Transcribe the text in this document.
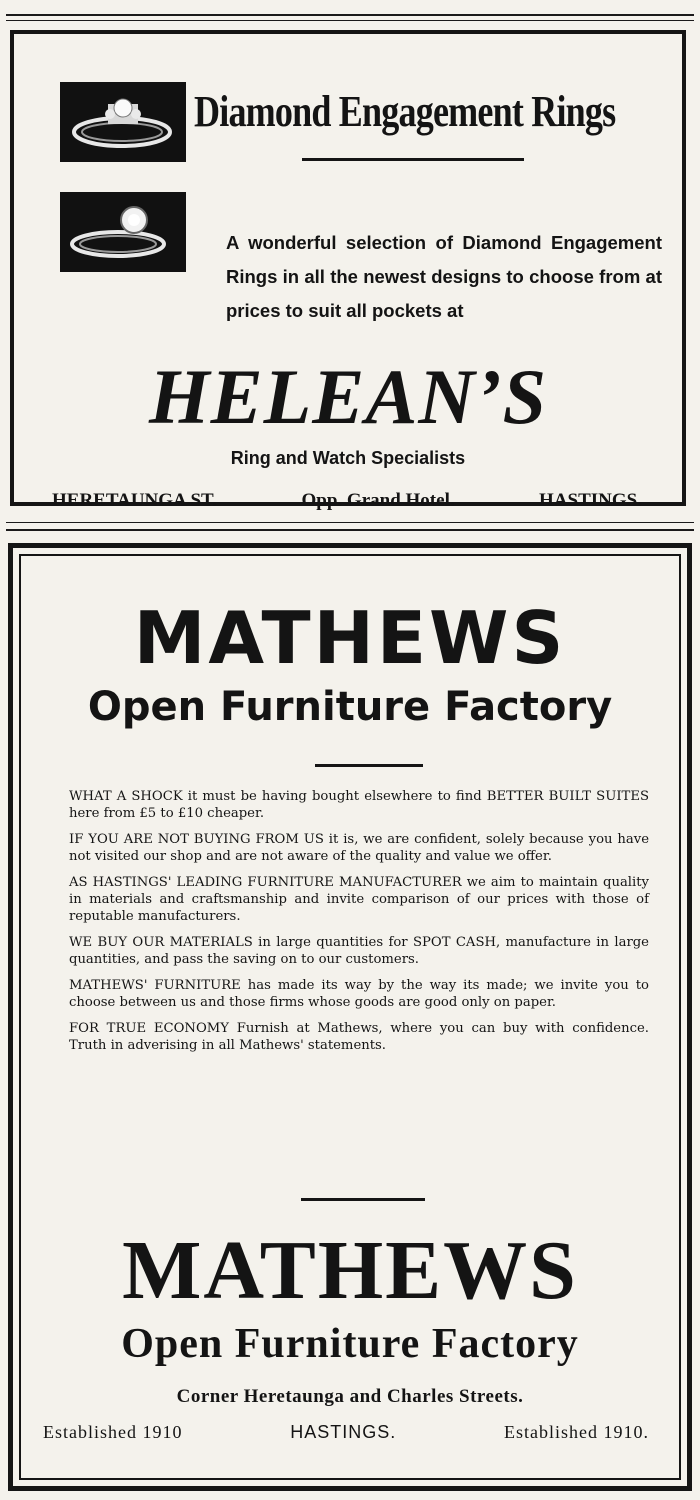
Diamond Engagement Rings
A wonderful selection of Diamond Engagement Rings in all the newest designs to choose from at prices to suit all pockets at
HELEAN’S
Ring and Watch Specialists
HERETAUNGA ST.	Opp. Grand Hotel.	HASTINGS.
MATHEWS
Open Furniture Factory

WHAT A SHOCK it must be having bought elsewhere to find BETTER BUILT SUITES here from £5 to £10 cheaper.

IF YOU ARE NOT BUYING FROM US it is, we are confident, solely because you have not visited our shop and are not aware of the quality and value we offer.

AS HASTINGS' LEADING FURNITURE MANUFACTURER we aim to maintain quality in materials and craftsmanship and invite comparison of our prices with those of reputable manufacturers.

WE BUY OUR MATERIALS in large quantities for SPOT CASH, manufacture in large quantities, and pass the saving on to our customers.

MATHEWS' FURNITURE has made its way by the way its made; we invite you to choose between us and those firms whose goods are good only on paper.

FOR TRUE ECONOMY Furnish at Mathews, where you can buy with confidence. Truth in adverising in all Mathews' statements.

MATHEWS
Open Furniture Factory
Corner Heretaunga and Charles Streets.
Established 1910	HASTINGS.	Established 1910.
